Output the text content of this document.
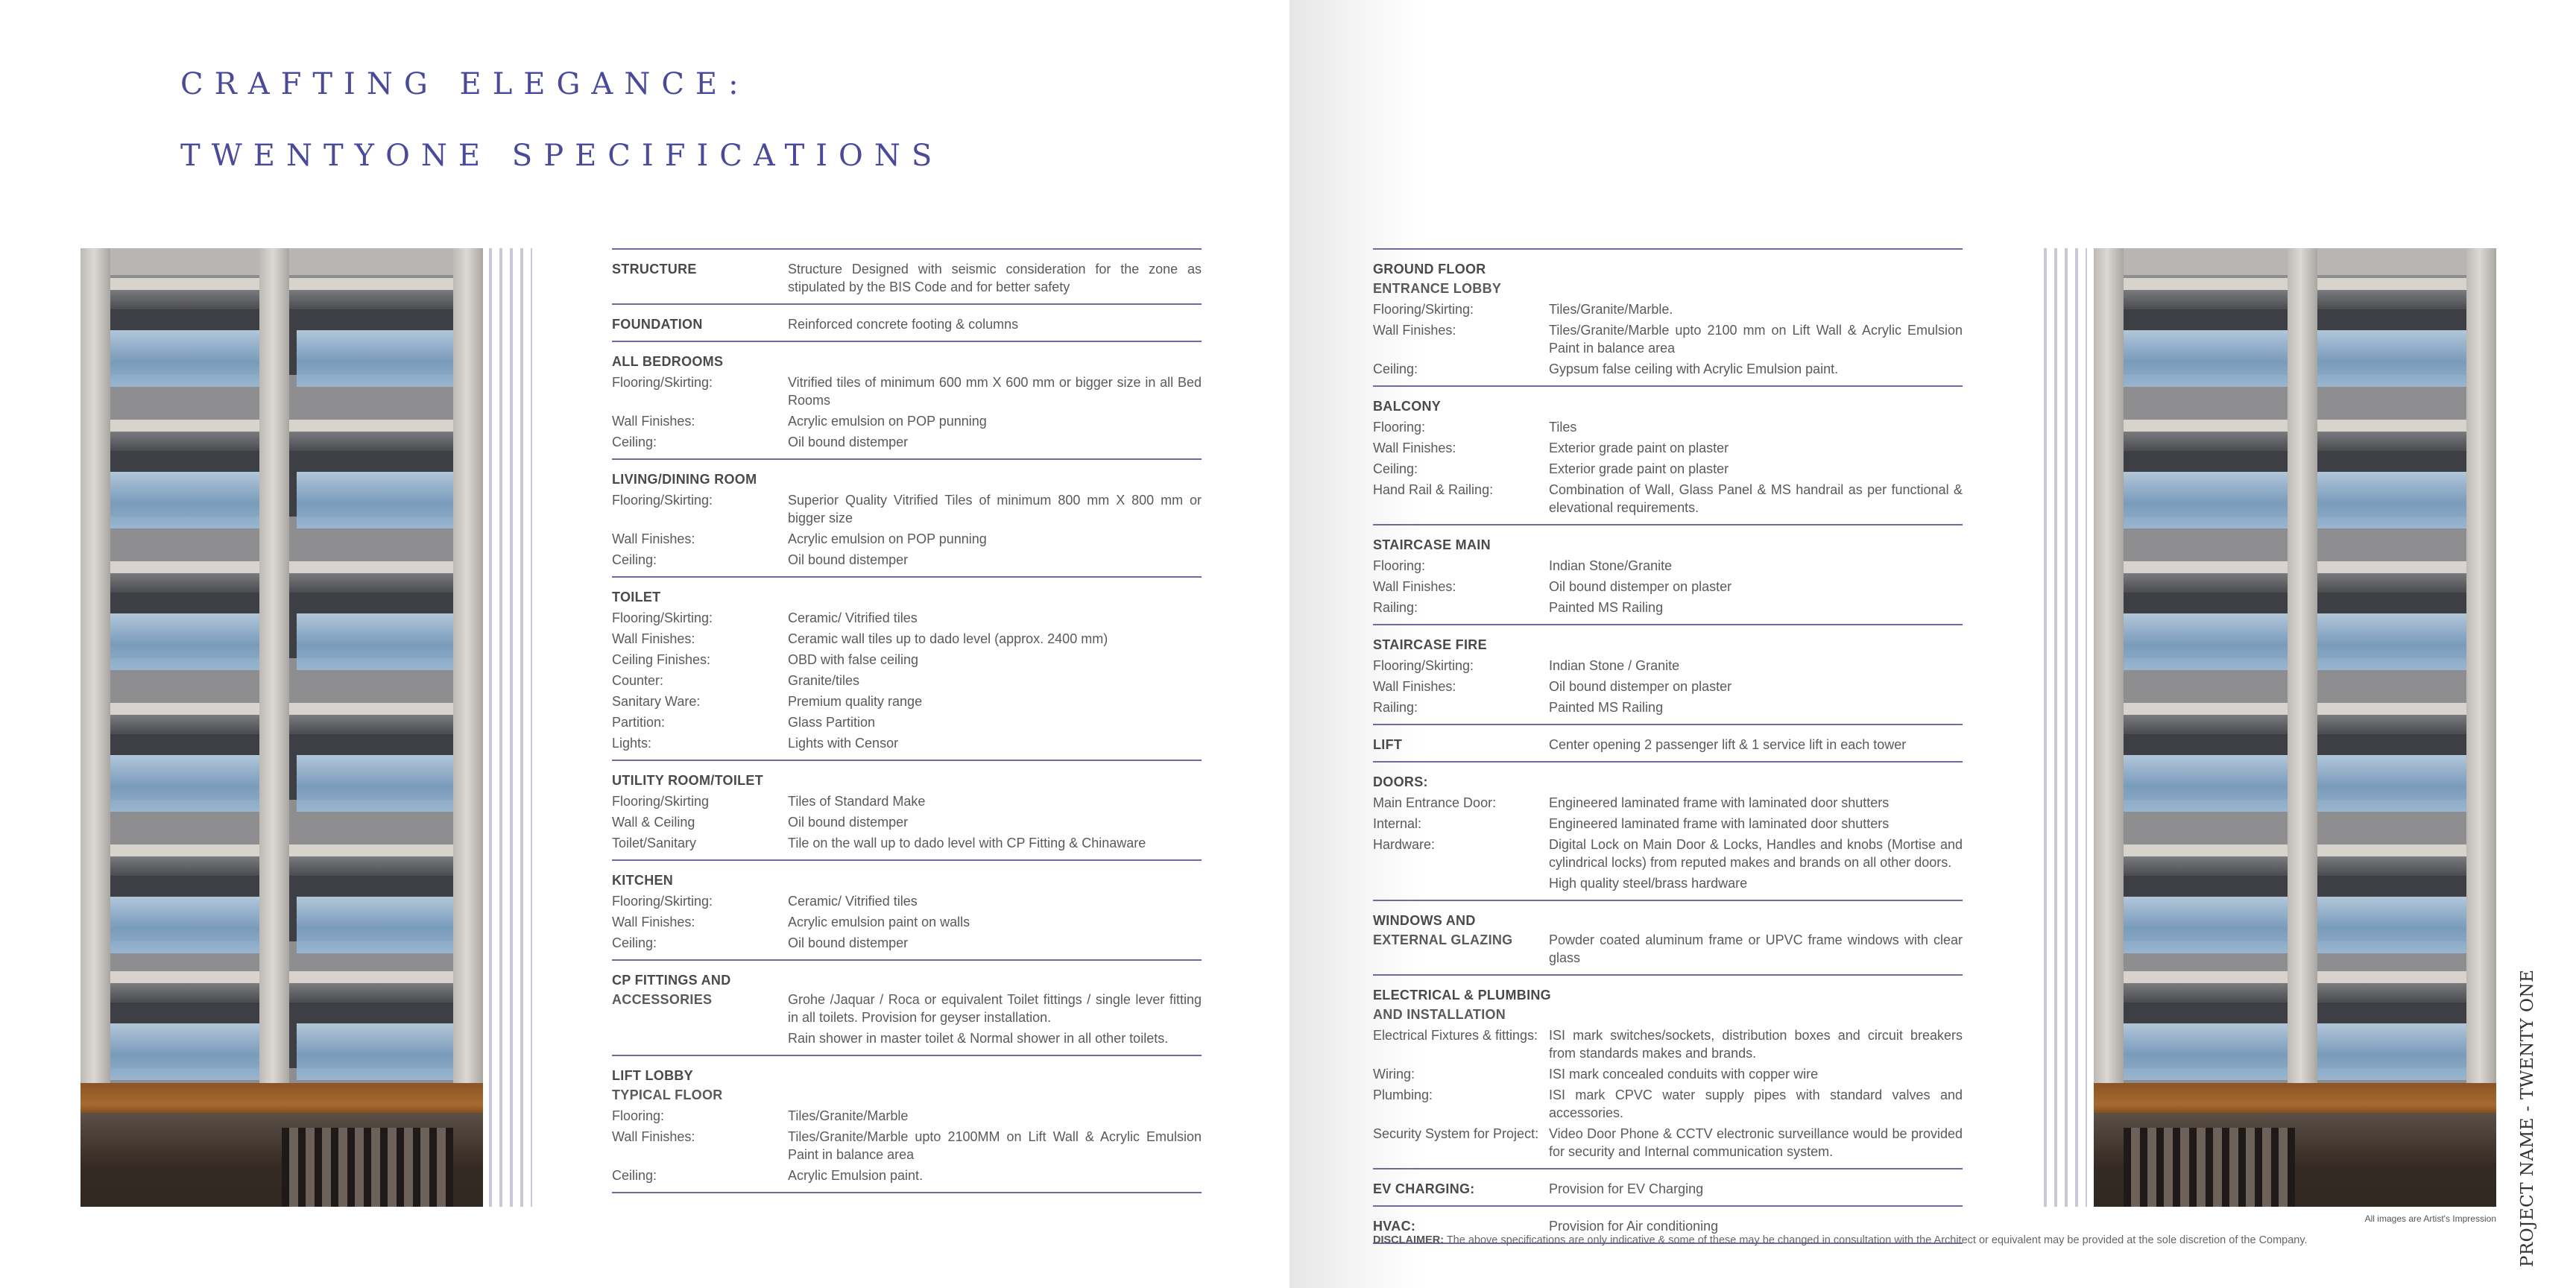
CRAFTING ELEGANCE:
TWENTYONE SPECIFICATIONS
STRUCTURE	Structure Designed with seismic consideration for the zone as stipulated by the BIS Code and for better safety
FOUNDATION	Reinforced concrete footing & columns
ALL BEDROOMS
Flooring/Skirting:	Vitrified tiles of minimum 600 mm X 600 mm or bigger size in all Bed Rooms
Wall Finishes:	Acrylic emulsion on POP punning
Ceiling:	Oil bound distemper
LIVING/DINING ROOM
Flooring/Skirting:	Superior Quality Vitrified Tiles of minimum 800 mm X 800 mm or bigger size
Wall Finishes:	Acrylic emulsion on POP punning
Ceiling:	Oil bound distemper
TOILET
Flooring/Skirting:	Ceramic/ Vitrified tiles
Wall Finishes:	Ceramic wall tiles up to dado level (approx. 2400 mm)
Ceiling Finishes:	OBD with false ceiling
Counter:	Granite/tiles
Sanitary Ware:	Premium quality range
Partition:	Glass Partition
Lights:	Lights with Censor
UTILITY ROOM/TOILET
Flooring/Skirting	Tiles of Standard Make
Wall & Ceiling	Oil bound distemper
Toilet/Sanitary	Tile on the wall up to dado level with CP Fitting & Chinaware
KITCHEN
Flooring/Skirting:	Ceramic/ Vitrified tiles
Wall Finishes:	Acrylic emulsion paint on walls
Ceiling:	Oil bound distemper
CP FITTINGS AND
ACCESSORIES	Grohe /Jaquar / Roca or equivalent Toilet fittings / single lever fitting in all toilets. Provision for geyser installation.
Rain shower in master toilet & Normal shower in all other toilets.
LIFT LOBBY
TYPICAL FLOOR
Flooring:	Tiles/Granite/Marble
Wall Finishes:	Tiles/Granite/Marble upto 2100MM on Lift Wall & Acrylic Emulsion Paint in balance area
Ceiling:	Acrylic Emulsion paint.
GROUND FLOOR
ENTRANCE LOBBY
Flooring/Skirting:	Tiles/Granite/Marble.
Wall Finishes:	Tiles/Granite/Marble upto 2100 mm on Lift Wall & Acrylic Emulsion Paint in balance area
Ceiling:	Gypsum false ceiling with Acrylic Emulsion paint.
BALCONY
Flooring:	Tiles
Wall Finishes:	Exterior grade paint on plaster
Ceiling:	Exterior grade paint on plaster
Hand Rail & Railing:	Combination of Wall, Glass Panel & MS handrail as per functional & elevational requirements.
STAIRCASE MAIN
Flooring:	Indian Stone/Granite
Wall Finishes:	Oil bound distemper on plaster
Railing:	Painted MS Railing
STAIRCASE FIRE
Flooring/Skirting:	Indian Stone / Granite
Wall Finishes:	Oil bound distemper on plaster
Railing:	Painted MS Railing
LIFT	Center opening 2 passenger lift & 1 service lift in each tower
DOORS:
Main Entrance Door:	Engineered laminated frame with laminated door shutters
Internal:	Engineered laminated frame with laminated door shutters
Hardware:	Digital Lock on Main Door & Locks, Handles and knobs (Mortise and cylindrical locks) from reputed makes and brands on all other doors.
High quality steel/brass hardware
WINDOWS AND
EXTERNAL GLAZING	Powder coated aluminum frame or UPVC frame windows with clear glass
ELECTRICAL & PLUMBING
AND INSTALLATION
Electrical Fixtures & fittings: ISI mark switches/sockets, distribution boxes and circuit breakers from standards makes and brands.
Wiring:	ISI mark concealed conduits with copper wire
Plumbing:	ISI mark CPVC water supply pipes with standard valves and accessories.
Security System for Project: Video Door Phone & CCTV electronic surveillance would be provided for security and Internal communication system.
EV CHARGING:	Provision for EV Charging
HVAC:	Provision for Air conditioning	All images are Artist's Impression
DISCLAIMER: The above specifications are only indicative & some of these may be changed in consultation with the Architect or equivalent may be provided at the sole discretion of the Company.	PROJECT NAME - TWENTY ONE
